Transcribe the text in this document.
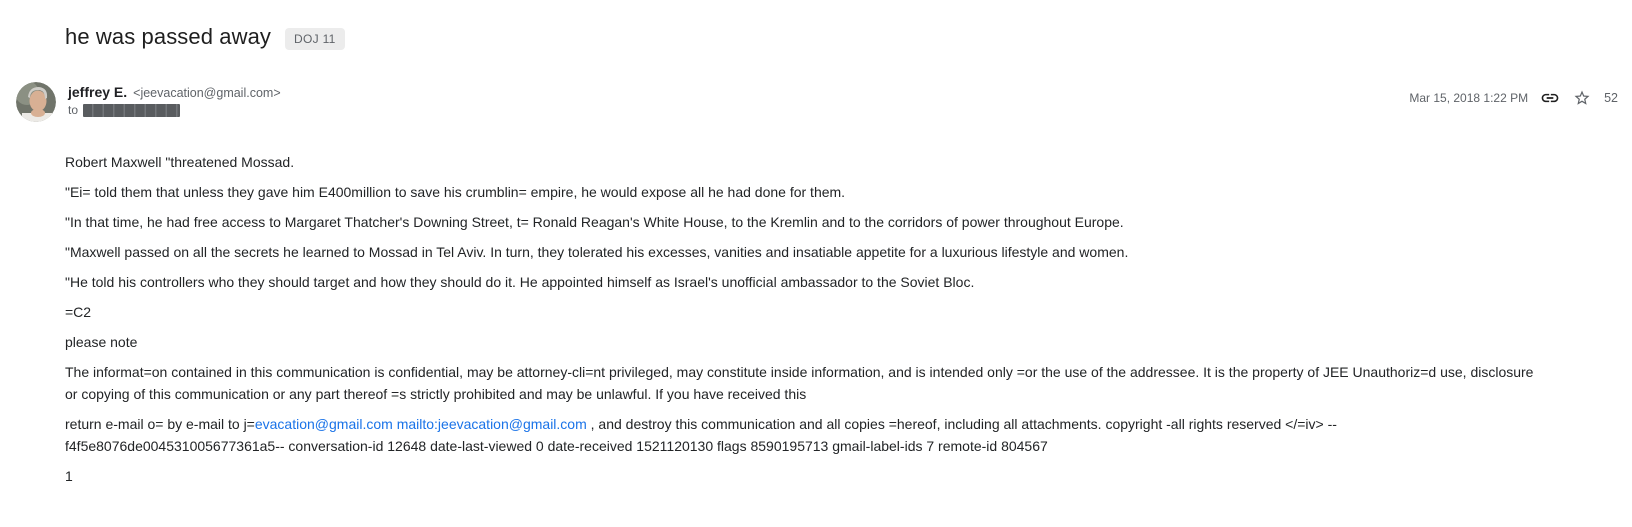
he was passed away	DOJ 11
jeffrey E. <jeevacation@gmail.com>
to
Mar 15, 2018 1:22 PM	52

Robert Maxwell "threatened Mossad.

"Ei= told them that unless they gave him E400million to save his crumblin= empire, he would expose all he had done for them.

"In that time, he had free access to Margaret Thatcher's Downing Street, t= Ronald Reagan's White House, to the Kremlin and to the corridors of power throughout Europe.

"Maxwell passed on all the secrets he learned to Mossad in Tel Aviv. In turn, they tolerated his excesses, vanities and insatiable appetite for a luxurious lifestyle and women.

"He told his controllers who they should target and how they should do it. He appointed himself as Israel's unofficial ambassador to the Soviet Bloc.

=C2

please note

The informat=on contained in this communication is confidential, may be attorney-cli=nt privileged, may constitute inside information, and is intended only =or the use of the addressee. It is the property of JEE Unauthoriz=d use, disclosure or copying of this communication or any part thereof =s strictly prohibited and may be unlawful. If you have received this

return e-mail o= by e-mail to j=evacation@gmail.com mailto:jeevacation@gmail.com , and destroy this communication and all copies =hereof, including all attachments. copyright -all rights reserved </=iv> --f4f5e8076de004531005677361a5-- conversation-id 12648 date-last-viewed 0 date-received 1521120130 flags 8590195713 gmail-label-ids 7 remote-id 804567

1
